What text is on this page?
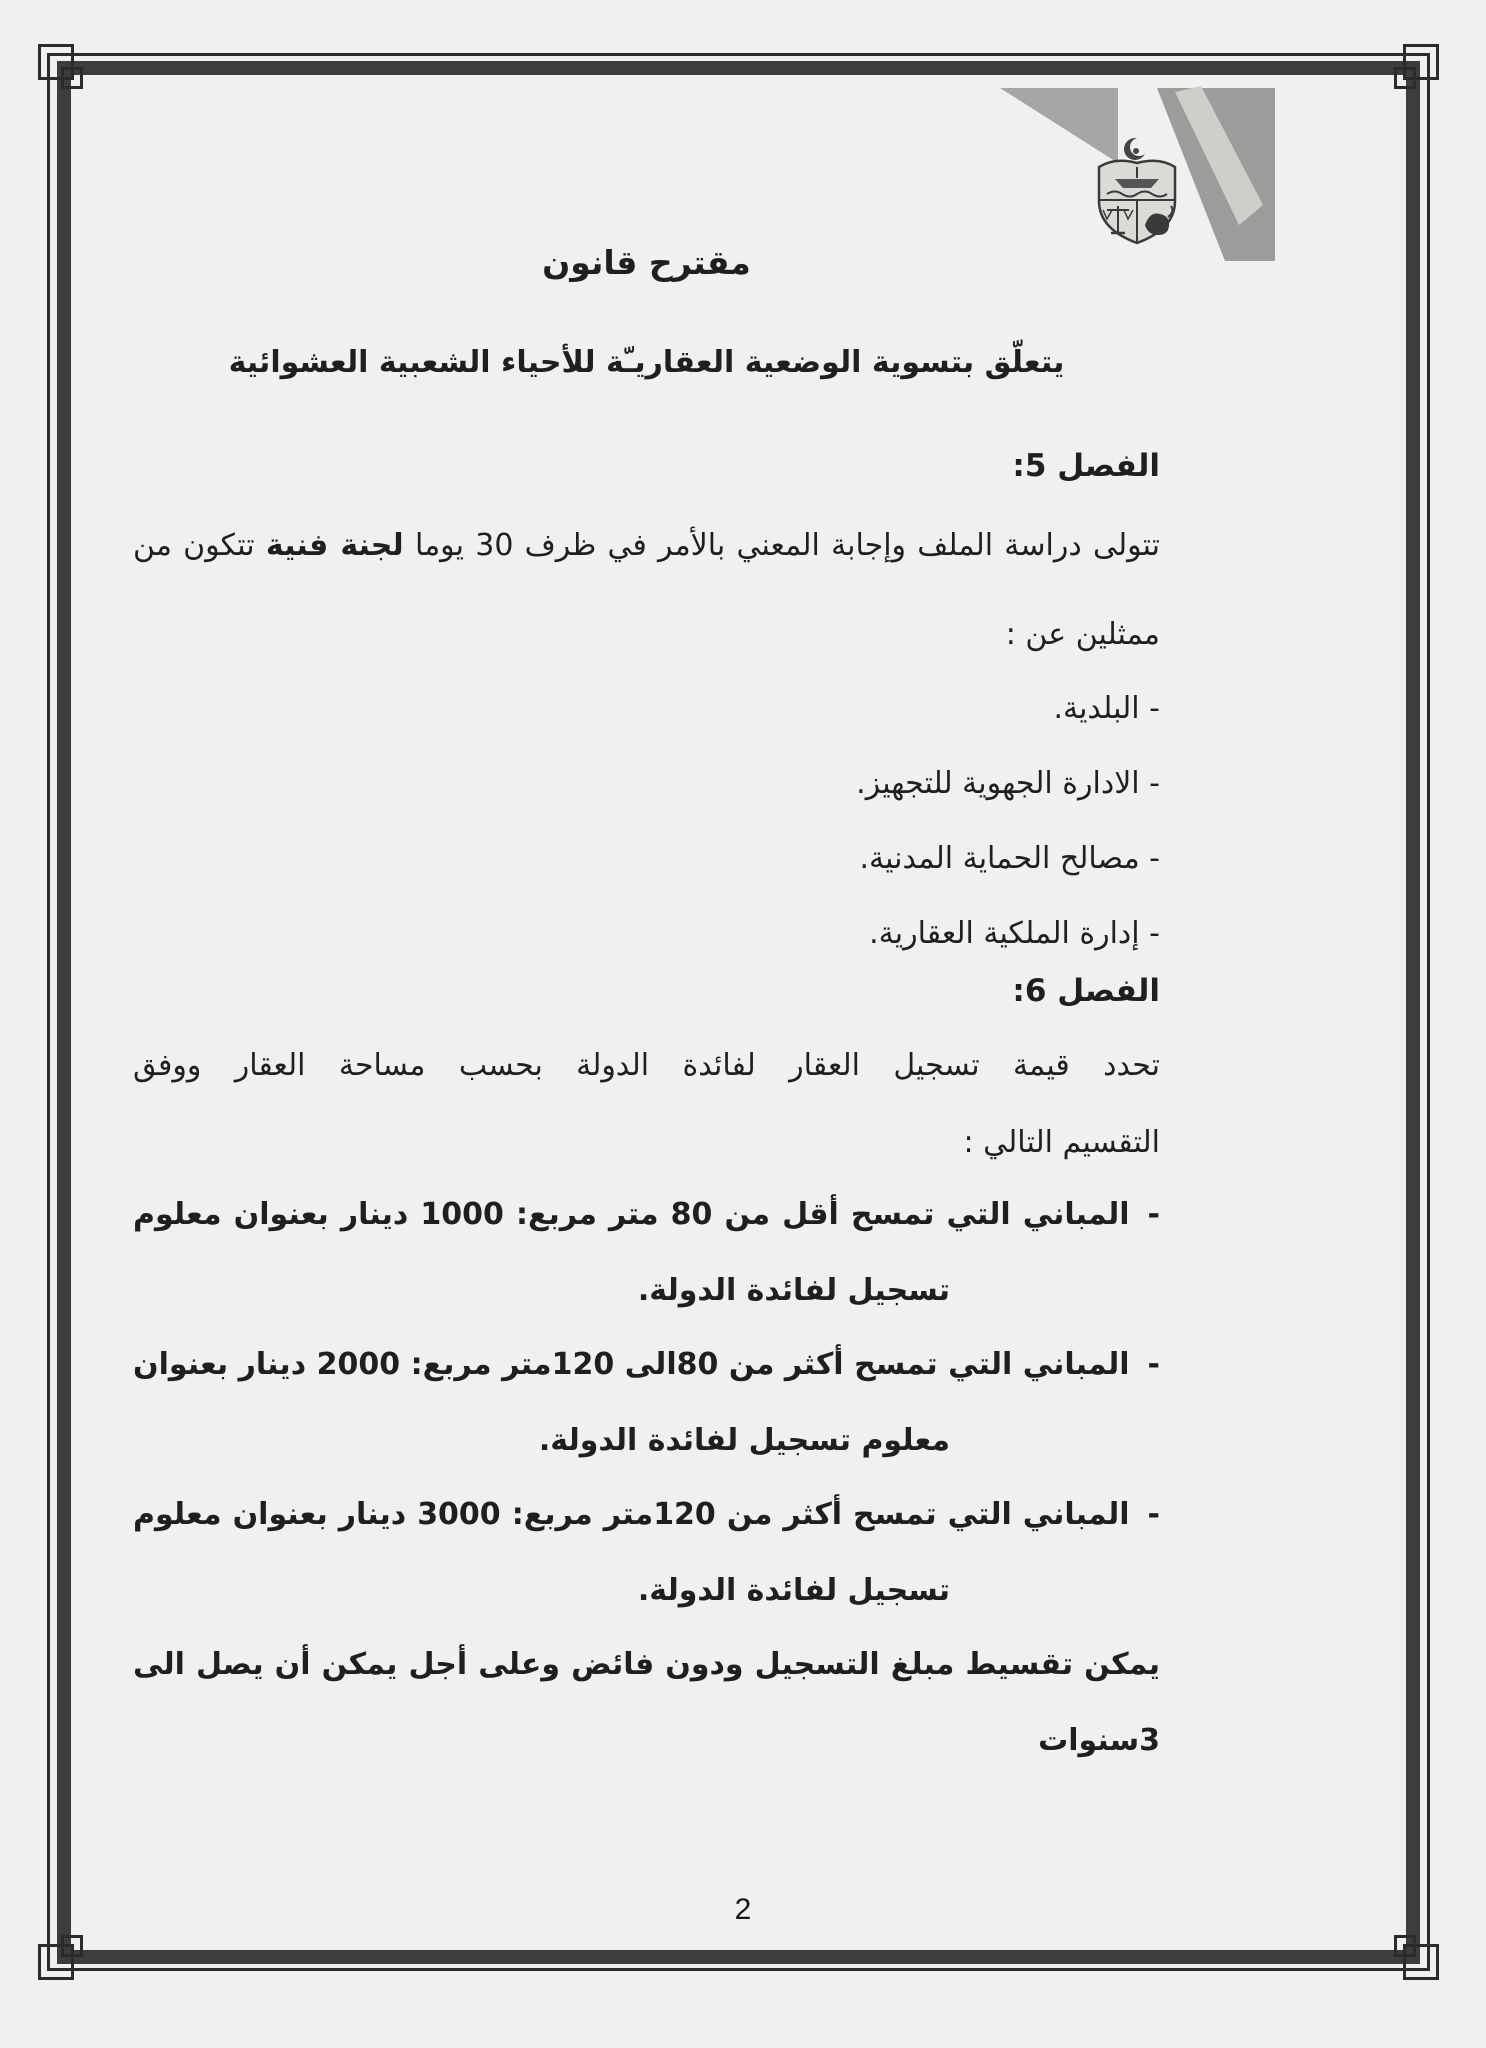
مقترح قانون
يتعلّق بتسوية الوضعية العقاريـّة للأحياء الشعبية العشوائية
الفصل 5:
تتولى دراسة الملف وإجابة المعني بالأمر في ظرف 30 يوما لجنة فنية تتكون من
ممثلين عن :
- البلدية.
- الادارة الجهوية للتجهيز.
- مصالح الحماية المدنية.
- إدارة الملكية العقارية.
الفصل 6:
تحدد قيمة تسجيل العقار لفائدة الدولة بحسب مساحة العقار ووفق
التقسيم التالي :
-
المباني التي تمسح أقل من 80 متر مربع: 1000 دينار بعنوان معلوم
تسجيل لفائدة الدولة.
-
المباني التي تمسح أكثر من 80الى 120متر مربع: 2000 دينار بعنوان
معلوم تسجيل لفائدة الدولة.
-
المباني التي تمسح أكثر من 120متر مربع: 3000 دينار بعنوان معلوم
تسجيل لفائدة الدولة.
يمكن تقسيط مبلغ التسجيل ودون فائض وعلى أجل يمكن أن يصل الى
3سنوات
2
